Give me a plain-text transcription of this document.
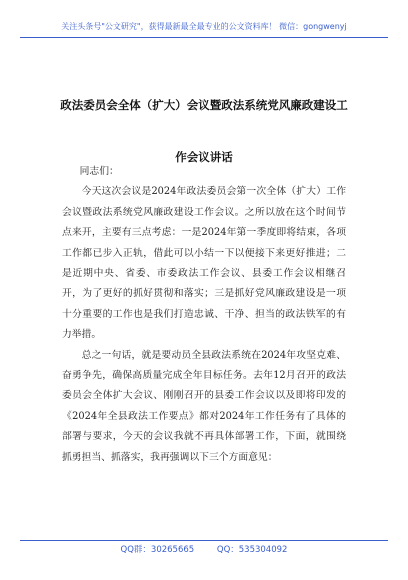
关注头条号"公文研究"，获得最新最全最专业的公文资料库！ 微信：gongwenyj
政法委员会全体（扩大）会议暨政法系统党风廉政建设工
作会议讲话

同志们：

今天这次会议是2024年政法委员会第一次全体（扩大）工作会议暨政法系统党风廉政建设工作会议。之所以放在这个时间节点来开，主要有三点考虑：一是2024年第一季度即将结束，各项工作都已步入正轨，借此可以小结一下以便接下来更好推进；二是近期中央、省委、市委政法工作会议、县委工作会议相继召开，为了更好的抓好贯彻和落实；三是抓好党风廉政建设是一项十分重要的工作也是我们打造忠诚、干净、担当的政法铁军的有力举措。

总之一句话，就是要动员全县政法系统在2024年攻坚克难、奋勇争先，确保高质量完成全年目标任务。去年12月召开的政法委员会全体扩大会议、刚刚召开的县委工作会议以及即将印发的《2024年全县政法工作要点》都对2024年工作任务有了具体的部署与要求，今天的会议我就不再具体部署工作，下面，就围绕抓勇担当、抓落实，我再强调以下三个方面意见：

QQ群：30265665	QQ：535304092
